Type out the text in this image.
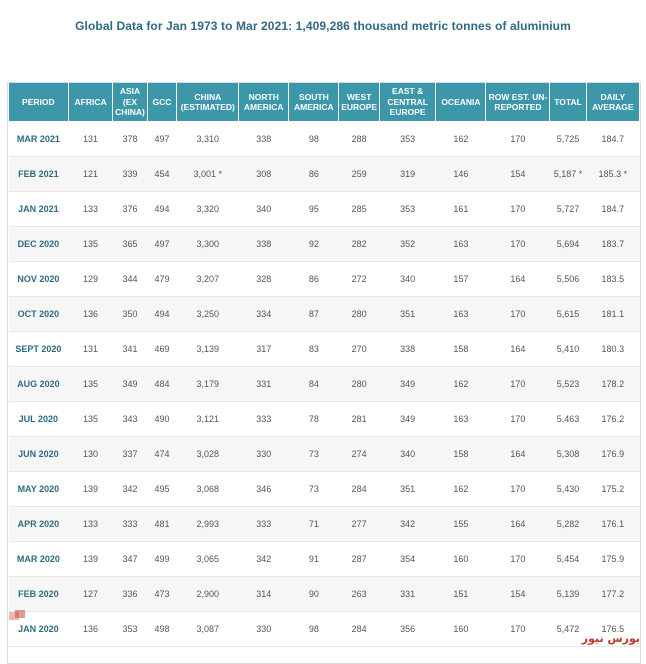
Global Data for Jan 1973 to Mar 2021: 1,409,286 thousand metric tonnes of aluminium
PERIOD	AFRICA	ASIA (EX CHINA)	GCC	CHINA (ESTIMATED)	NORTH AMERICA	SOUTH AMERICA	WEST EUROPE	EAST & CENTRAL EUROPE	OCEANIA	ROW EST. UN-REPORTED	TOTAL	DAILY AVERAGE
MAR 2021	131	378	497	3,310	338	98	288	353	162	170	5,725	184.7
FEB 2021	121	339	454	3,001 *	308	86	259	319	146	154	5,187 *	185.3 *
JAN 2021	133	376	494	3,320	340	95	285	353	161	170	5,727	184.7
DEC 2020	135	365	497	3,300	338	92	282	352	163	170	5,694	183.7
NOV 2020	129	344	479	3,207	328	86	272	340	157	164	5,506	183.5
OCT 2020	136	350	494	3,250	334	87	280	351	163	170	5,615	181.1
SEPT 2020	131	341	469	3,139	317	83	270	338	158	164	5,410	180.3
AUG 2020	135	349	484	3,179	331	84	280	349	162	170	5,523	178.2
JUL 2020	135	343	490	3,121	333	78	281	349	163	170	5,463	176.2
JUN 2020	130	337	474	3,028	330	73	274	340	158	164	5,308	176.9
MAY 2020	139	342	495	3,068	346	73	284	351	162	170	5,430	175.2
APR 2020	133	333	481	2,993	333	71	277	342	155	164	5,282	176.1
MAR 2020	139	347	499	3,065	342	91	287	354	160	170	5,454	175.9
FEB 2020	127	336	473	2,900	314	90	263	331	151	154	5,139	177.2
JAN 2020	136	353	498	3,087	330	98	284	356	160	170	5,472	176.5
بورس نیوز
